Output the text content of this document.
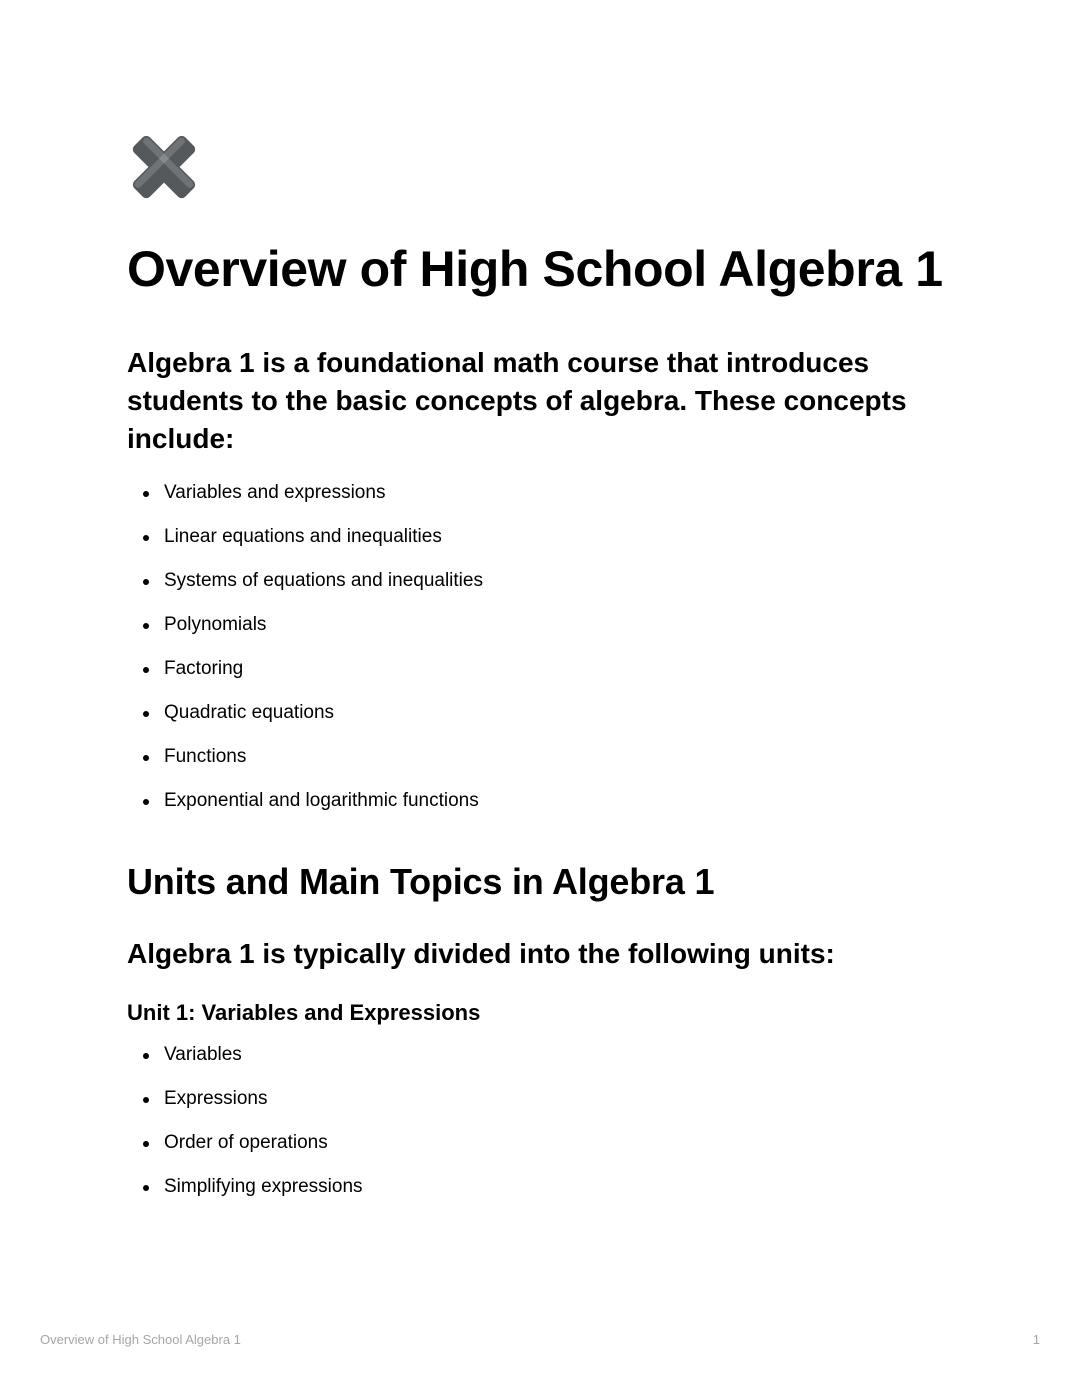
Overview of High School Algebra 1

Algebra 1 is a foundational math course that introduces students to the basic concepts of algebra. These concepts include:

Variables and expressions
Linear equations and inequalities
Systems of equations and inequalities
Polynomials
Factoring
Quadratic equations
Functions
Exponential and logarithmic functions
Units and Main Topics in Algebra 1
Algebra 1 is typically divided into the following units:
Unit 1: Variables and Expressions
Variables
Expressions
Order of operations
Simplifying expressions
Overview of High School Algebra 1	1
